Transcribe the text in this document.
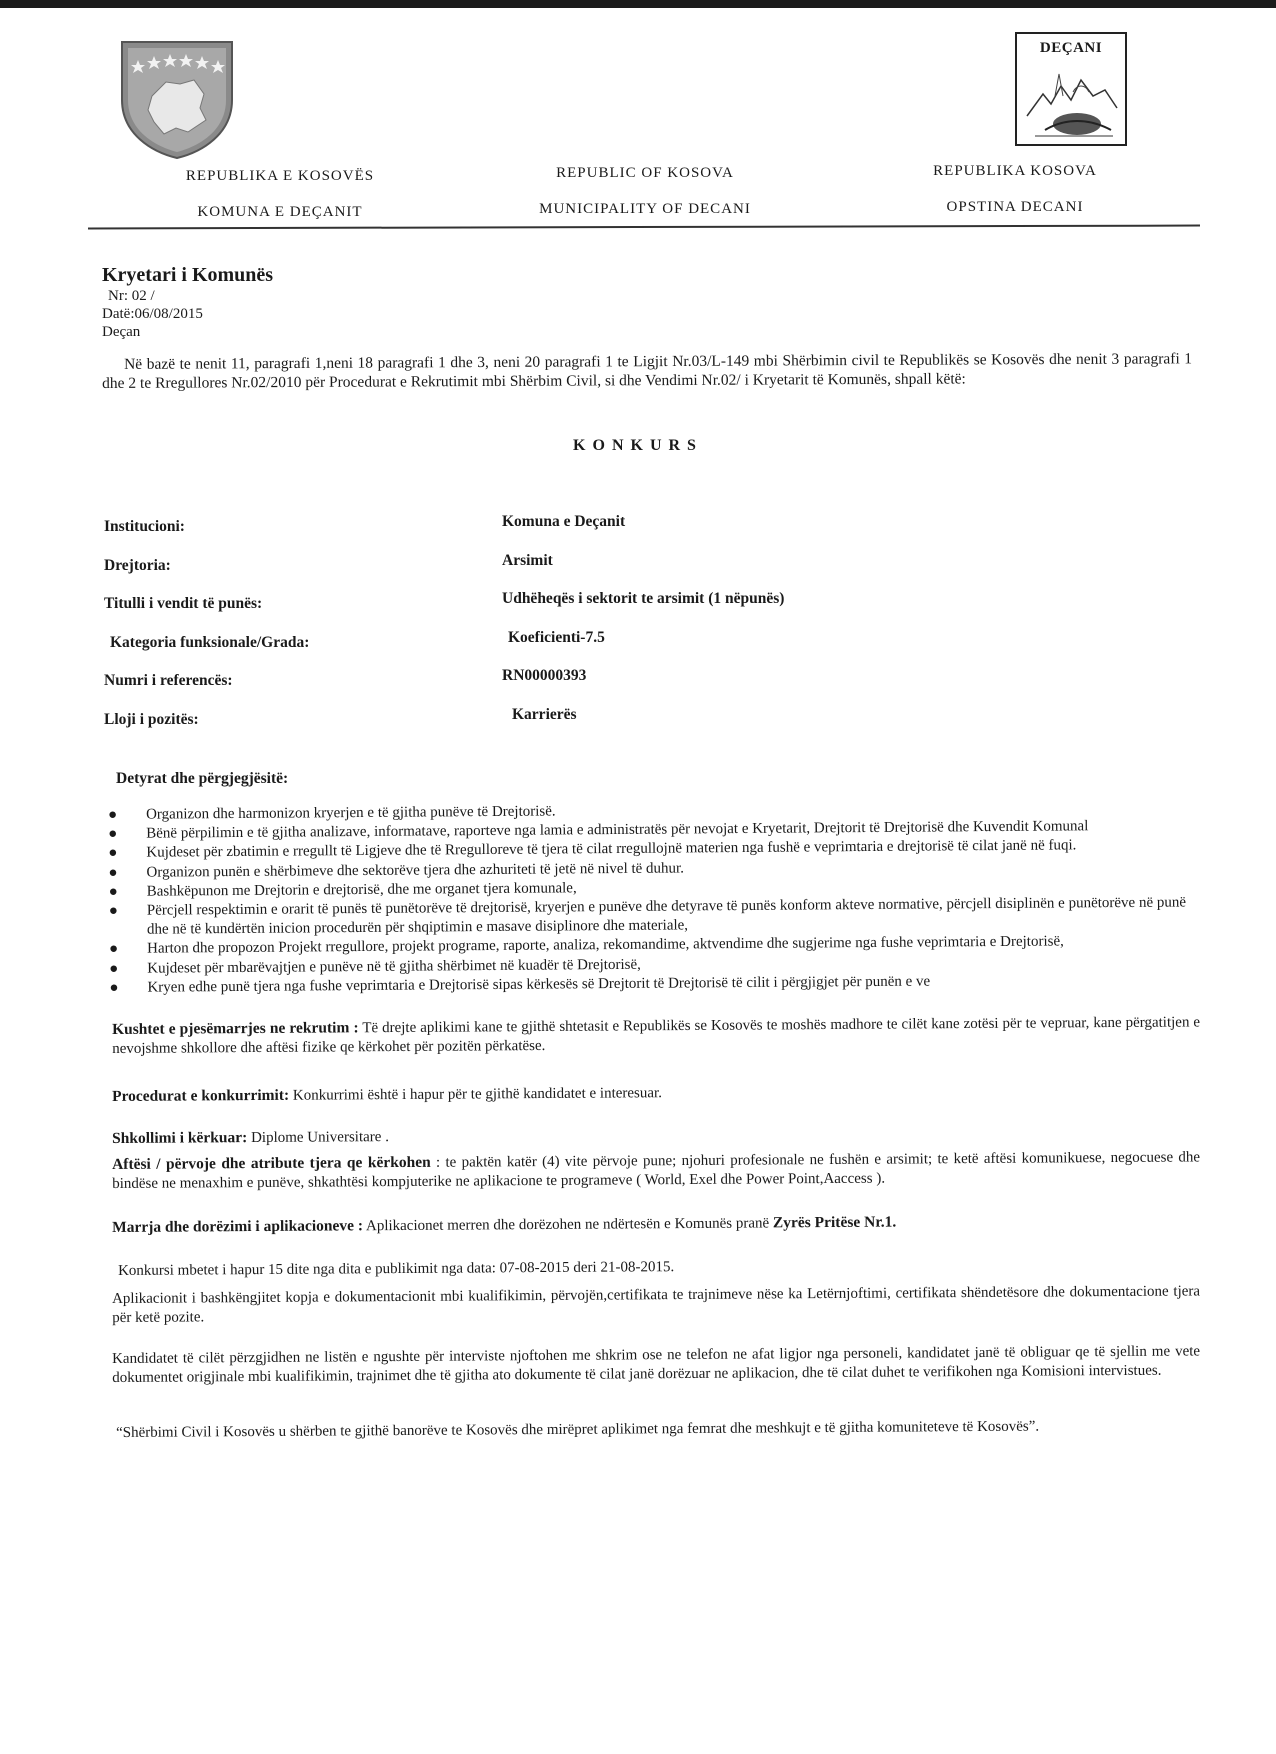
DEÇANI
REPUBLIKA E KOSOVËS
KOMUNA E DEÇANIT
REPUBLIC OF KOSOVA
MUNICIPALITY OF DECANI
REPUBLIKA KOSOVA
OPSTINA DECANI
Kryetari i Komunës
Nr: 02 /
Datë:06/08/2015
Deçan
Në bazë te nenit 11, paragrafi 1,neni 18 paragrafi 1 dhe 3, neni 20 paragrafi 1 te Ligjit Nr.03/L-149 mbi Shërbimin civil te Republikës se Kosovës dhe nenit 3 paragrafi 1 dhe 2 te Rregullores Nr.02/2010 për Procedurat e Rekrutimit mbi Shërbim Civil, si dhe Vendimi Nr.02/ i Kryetarit të Komunës, shpall këtë:
KONKURS
Institucioni:	Komuna e Deçanit
Drejtoria:	Arsimit
Titulli i vendit të punës:	Udhëheqës i sektorit te arsimit (1 nëpunës)
Kategoria funksionale/Grada:	Koeficienti-7.5
Numri i referencës:	RN00000393
Lloji i pozitës:	Karrierës
Detyrat dhe përgjegjësitë:
● Organizon dhe harmonizon kryerjen e të gjitha punëve të Drejtorisë.
● Bënë përpilimin e të gjitha analizave, informatave, raporteve nga lamia e administratës për nevojat e Kryetarit, Drejtorit të Drejtorisë dhe Kuvendit Komunal
● Kujdeset për zbatimin e rregullt të Ligjeve dhe të Rregulloreve të tjera të cilat rregullojnë materien nga fushë e veprimtaria e drejtorisë të cilat janë në fuqi.
● Organizon punën e shërbimeve dhe sektorëve tjera dhe azhuriteti të jetë në nivel të duhur.
● Bashkëpunon me Drejtorin e drejtorisë, dhe me organet tjera komunale,
● Përcjell respektimin e orarit të punës të punëtorëve të drejtorisë, kryerjen e punëve dhe detyrave të punës konform akteve normative, përcjell disiplinën e punëtorëve në punë dhe në të kundërtën inicion procedurën për shqiptimin e masave disiplinore dhe materiale,
● Harton dhe propozon Projekt rregullore, projekt programe, raporte, analiza, rekomandime, aktvendime dhe sugjerime nga fushe veprimtaria e Drejtorisë,
● Kujdeset për mbarëvajtjen e punëve në të gjitha shërbimet në kuadër të Drejtorisë,
● Kryen edhe punë tjera nga fushe veprimtaria e Drejtorisë sipas kërkesës së Drejtorit të Drejtorisë të cilit i përgjigjet për punën e ve
Kushtet e pjesëmarrjes ne rekrutim : Të drejte aplikimi kane te gjithë shtetasit e Republikës se Kosovës te moshës madhore te cilët kane zotësi për te vepruar, kane përgatitjen e nevojshme shkollore dhe aftësi fizike qe kërkohet për pozitën përkatëse.
Procedurat e konkurrimit: Konkurrimi është i hapur për te gjithë kandidatet e interesuar.
Shkollimi i kërkuar: Diplome Universitare .
Aftësi / përvoje dhe atribute tjera qe kërkohen : te paktën katër (4) vite përvoje pune; njohuri profesionale ne fushën e arsimit; te ketë aftësi komunikuese, negocuese dhe bindëse ne menaxhim e punëve, shkathtësi kompjuterike ne aplikacione te programeve ( World, Exel dhe Power Point,Aaccess ).
Marrja dhe dorëzimi i aplikacioneve : Aplikacionet merren dhe dorëzohen ne ndërtesën e Komunës pranë Zyrës Pritëse Nr.1.
Konkursi mbetet i hapur 15 dite nga dita e publikimit nga data: 07-08-2015 deri 21-08-2015.
Aplikacionit i bashkëngjitet kopja e dokumentacionit mbi kualifikimin, përvojën,certifikata te trajnimeve nëse ka Letërnjoftimi, certifikata shëndetësore dhe dokumentacione tjera për ketë pozite.
Kandidatet të cilët përzgjidhen ne listën e ngushte për interviste njoftohen me shkrim ose ne telefon ne afat ligjor nga personeli, kandidatet janë të obliguar qe të sjellin me vete dokumentet origjinale mbi kualifikimin, trajnimet dhe të gjitha ato dokumente të cilat janë dorëzuar ne aplikacion, dhe të cilat duhet te verifikohen nga Komisioni intervistues.
“Shërbimi Civil i Kosovës u shërben te gjithë banorëve te Kosovës dhe mirëpret aplikimet nga femrat dhe meshkujt e të gjitha komuniteteve të Kosovës”.
